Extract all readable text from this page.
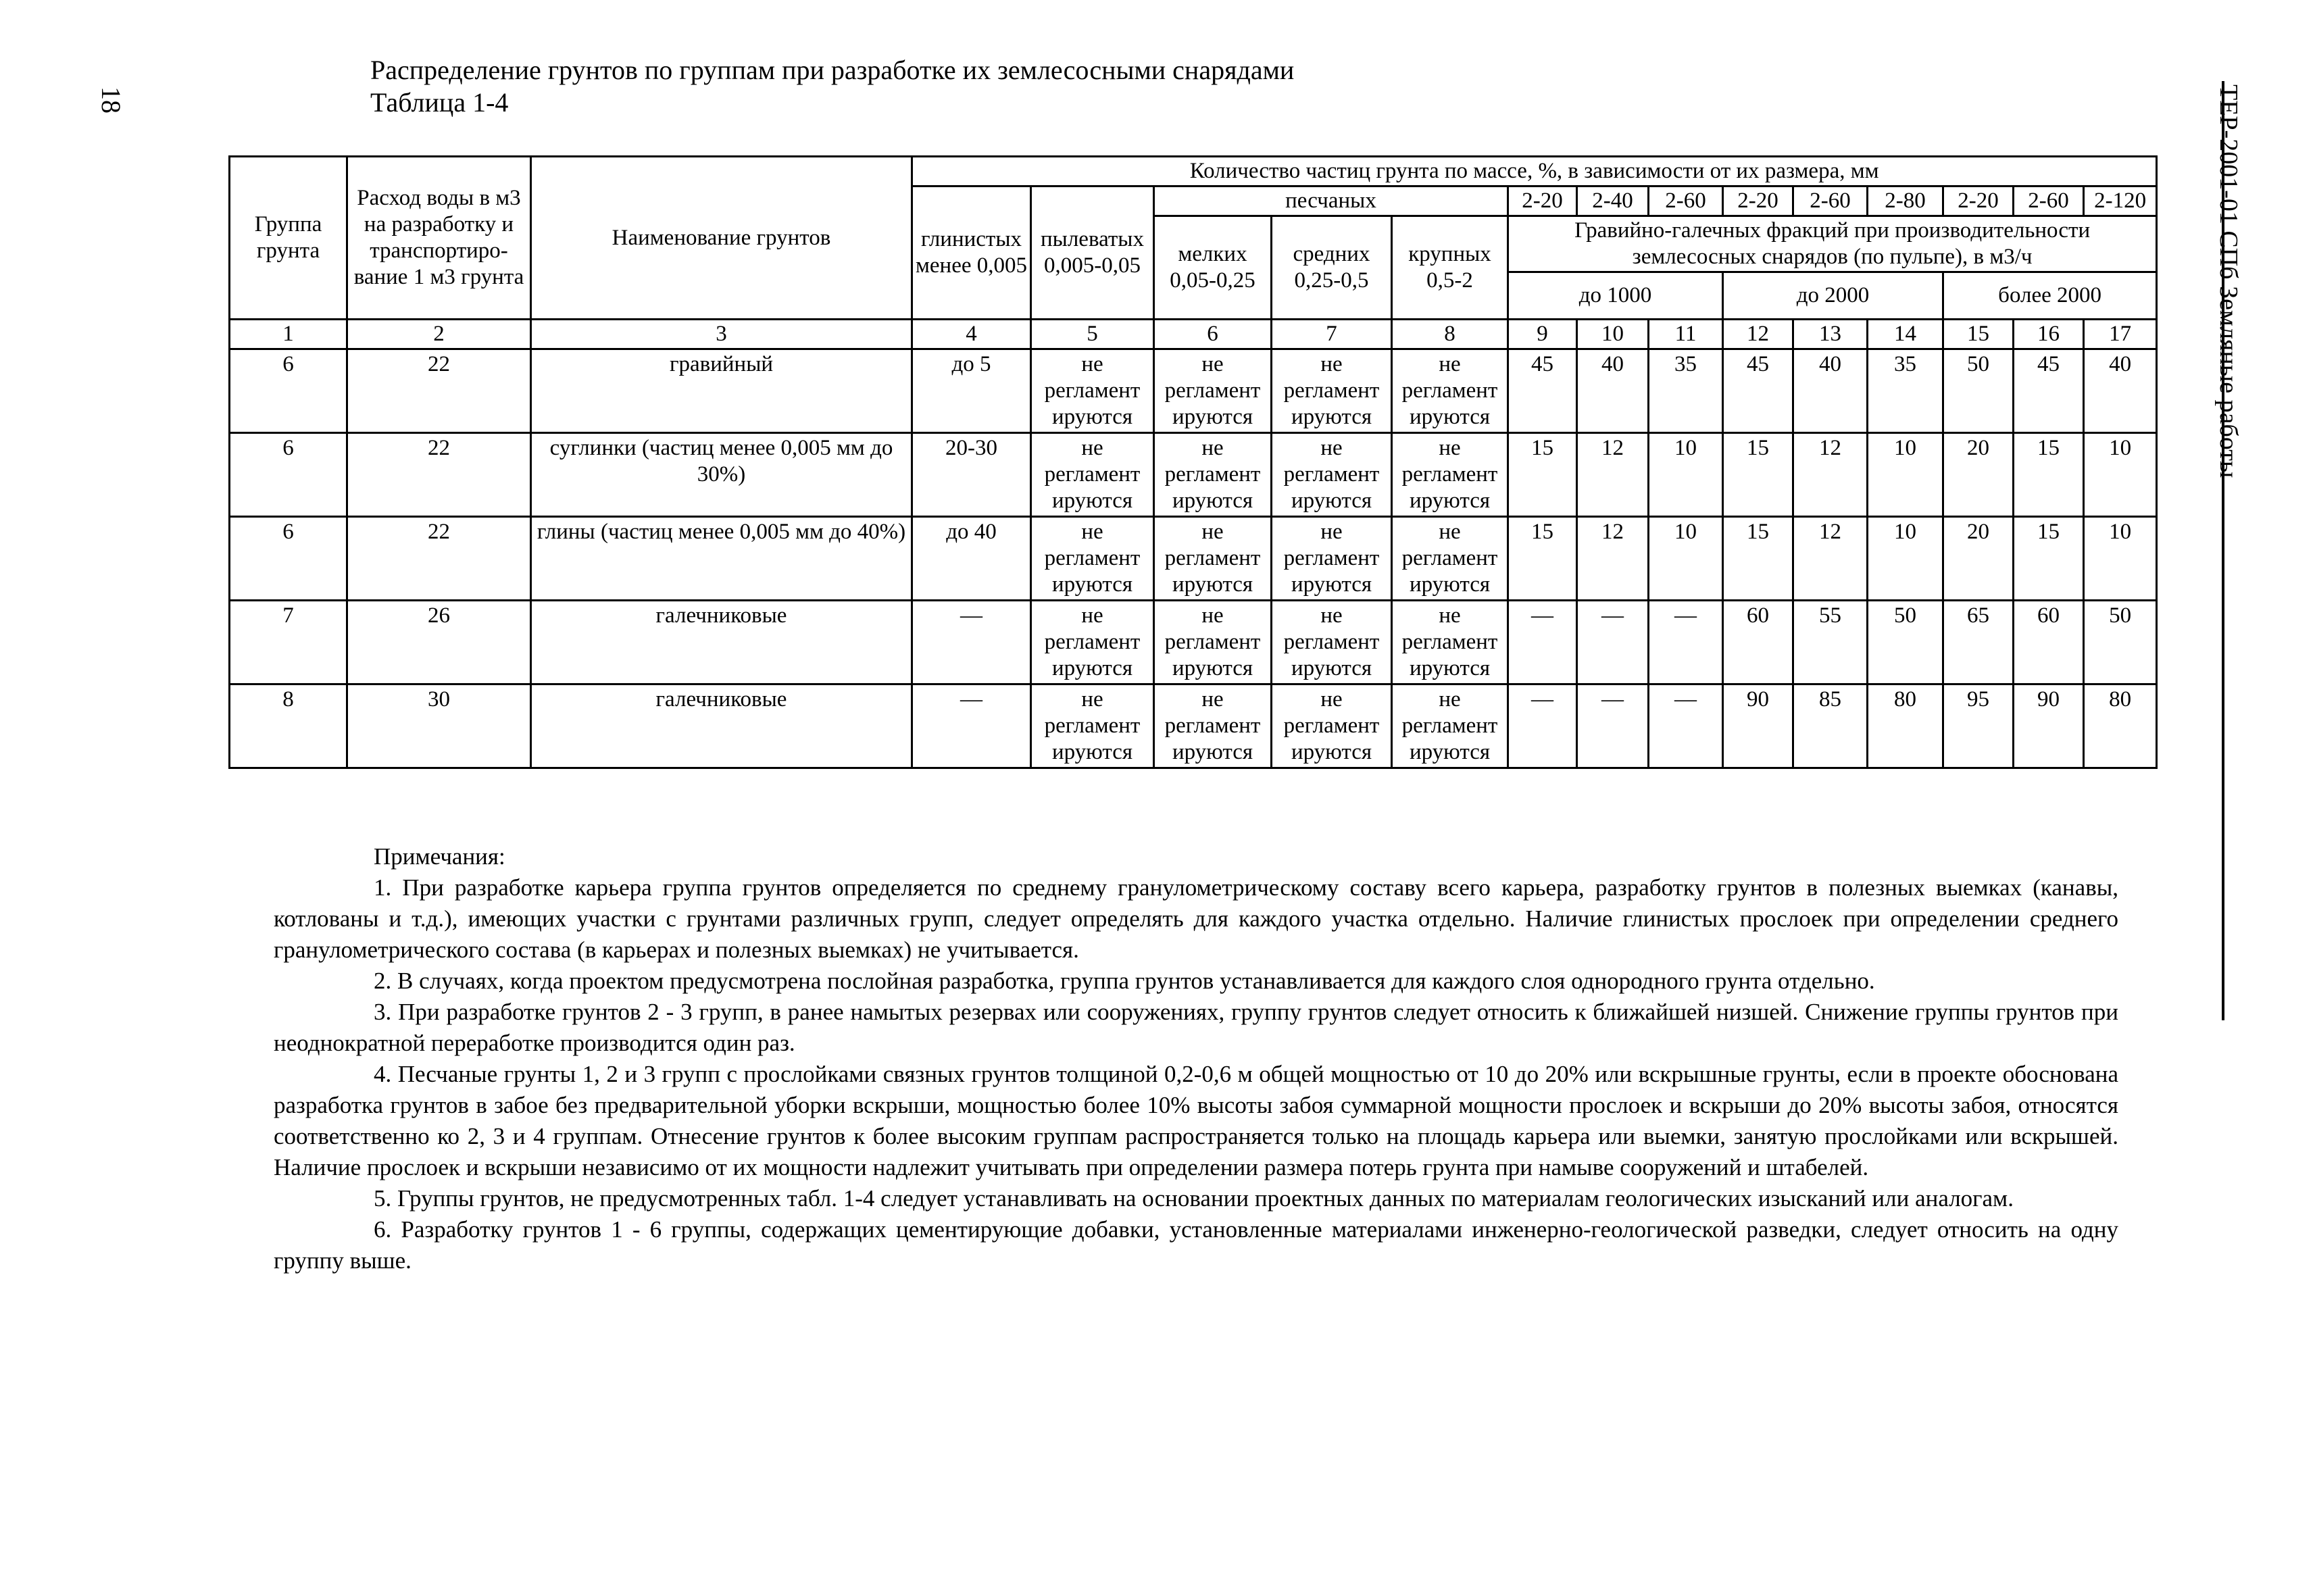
18	ТЕР-2001-01 СПб Земляные работы
Распределение грунтов по группам при разработке их землесосными снарядами
Таблица 1-4
Группа грунта	Расход воды в м3 на разработку и транспортиро-вание 1 м3 грунта	Наименование грунтов	Количество частиц грунта по массе, %, в зависимости от их размера, мм													
			глинистых менее 0,005	пылеватых 0,005-0,05	песчаных			2-20	2-40	2-60	2-20	2-60	2-80	2-20	2-60	2-120
					мелких 0,05-0,25	средних 0,25-0,5	крупных 0,5-2	Гравийно-галечных фракций при производительности землесосных снарядов (по пульпе), в м3/ч								
								до 1000			до 2000			более 2000		
1	2	3	4	5	6	7	8	9	10	11	12	13	14	15	16	17
6	22	гравийный	до 5	не регламент ируются	не регламент ируются	не регламент ируются	не регламент ируются	45	40	35	45	40	35	50	45	40
6	22	суглинки (частиц менее 0,005 мм до 30%)	20-30	не регламент ируются	не регламент ируются	не регламент ируются	не регламент ируются	15	12	10	15	12	10	20	15	10
6	22	глины (частиц менее 0,005 мм до 40%)	до 40	не регламент ируются	не регламент ируются	не регламент ируются	не регламент ируются	15	12	10	15	12	10	20	15	10
7	26	галечниковые	—	не регламент ируются	не регламент ируются	не регламент ируются	не регламент ируются	—	—	—	60	55	50	65	60	50
8	30	галечниковые	—	не регламент ируются	не регламент ируются	не регламент ируются	не регламент ируются	—	—	—	90	85	80	95	90	80

Примечания:

1. При разработке карьера группа грунтов определяется по среднему гранулометрическому составу всего карьера, разработку грунтов в полезных выемках (канавы, котлованы и т.д.), имеющих участки с грунтами различных групп, следует определять для каждого участка отдельно. Наличие глинистых прослоек при определении среднего гранулометрического состава (в карьерах и полезных выемках) не учитывается.

2. В случаях, когда проектом предусмотрена послойная разработка, группа грунтов устанавливается для каждого слоя однородного грунта отдельно.

3. При разработке грунтов 2 - 3 групп, в ранее намытых резервах или сооружениях, группу грунтов следует относить к ближайшей низшей. Снижение группы грунтов при неоднократной переработке производится один раз.

4. Песчаные грунты 1, 2 и 3 групп с прослойками связных грунтов толщиной 0,2-0,6 м общей мощностью от 10 до 20% или вскрышные грунты, если в проекте обоснована разработка грунтов в забое без предварительной уборки вскрыши, мощностью более 10% высоты забоя суммарной мощности прослоек и вскрыши до 20% высоты забоя, относятся соответственно ко 2, 3 и 4 группам. Отнесение грунтов к более высоким группам распространяется только на площадь карьера или выемки, занятую прослойками или вскрышей. Наличие прослоек и вскрыши независимо от их мощности надлежит учитывать при определении размера потерь грунта при намыве сооружений и штабелей.

5. Группы грунтов, не предусмотренных табл. 1-4 следует устанавливать на основании проектных данных по материалам геологических изысканий или аналогам.

6. Разработку грунтов 1 - 6 группы, содержащих цементирующие добавки, установленные материалами инженерно-геологической разведки, следует относить на одну группу выше.
